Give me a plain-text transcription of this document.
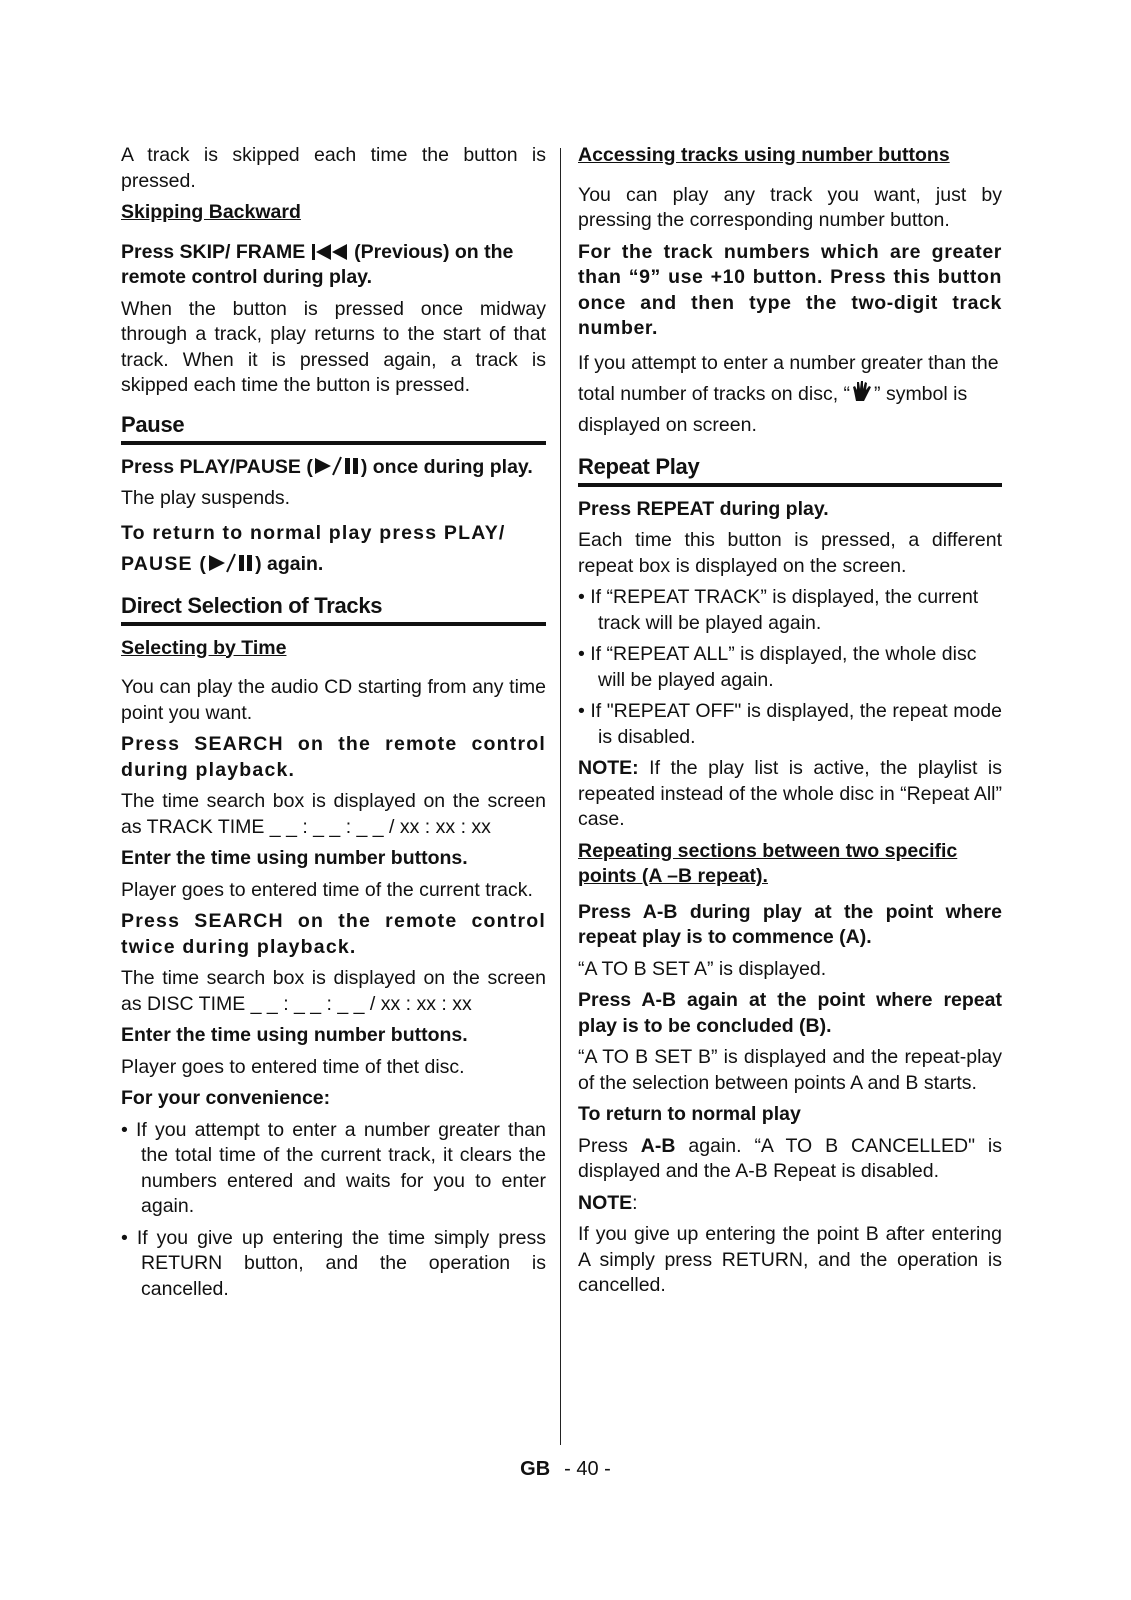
A track is skipped each time the button is pressed.

Skipping Backward

Press SKIP/ FRAME	(Previous) on the remote control during play.

When the button is pressed once midway through a track, play returns to the start of that track. When it is pressed again, a track is skipped each time the button is pressed.

Pause

Press PLAY/PAUSE ( ) once during play.

The play suspends.

To return to normal play press PLAY/ PAUSE ( ) again.

Direct Selection of Tracks

Selecting by Time

You can play the audio CD starting from any time point you want.

Press SEARCH on the remote control during playback.

The time search box is displayed on the screen as TRACK TIME _ _ : _ _ : _ _ / xx : xx : xx

Enter the time using number buttons.

Player goes to entered time of the current track.

Press SEARCH on the remote control twice during playback.

The time search box is displayed on the screen as DISC TIME _ _ : _ _ : _ _ / xx : xx : xx

Enter the time using number buttons.

Player goes to entered time of thet disc.

For your convenience:

• If you attempt to enter a number greater than the total time of the current track, it clears the numbers entered and waits for you to enter again.

• If you give up entering the time simply press RETURN button, and the operation is cancelled.

Accessing tracks using number buttons

You can play any track you want, just by pressing the corresponding number button.

For the track numbers which are greater than “9” use +10 button. Press this button once and then type the two-digit track number.

If you attempt to enter a number greater than the total number of tracks on disc, “ ” symbol is displayed on screen.

Repeat Play

Press REPEAT during play.

Each time this button is pressed, a different repeat box is displayed on the screen.

• If “REPEAT TRACK” is displayed, the current track will be played again.

• If “REPEAT ALL” is displayed, the whole disc will be played again.

• If "REPEAT OFF" is displayed, the repeat mode is disabled.

NOTE: If the play list is active, the playlist is repeated instead of the whole disc in “Repeat All” case.

Repeating sections between two specific points (A –B repeat).

Press A-B during play at the point where repeat play is to commence (A).

“A TO B SET A” is displayed.

Press A-B again at the point where repeat play is to be concluded (B).

“A TO B SET B” is displayed and the repeat-play of the selection between points A and B starts.

To return to normal play

Press A-B again. “A TO B CANCELLED" is displayed and the A-B Repeat is disabled.

NOTE:

If you give up entering the point B after entering A simply press RETURN, and the operation is cancelled.

GB - 40 -
